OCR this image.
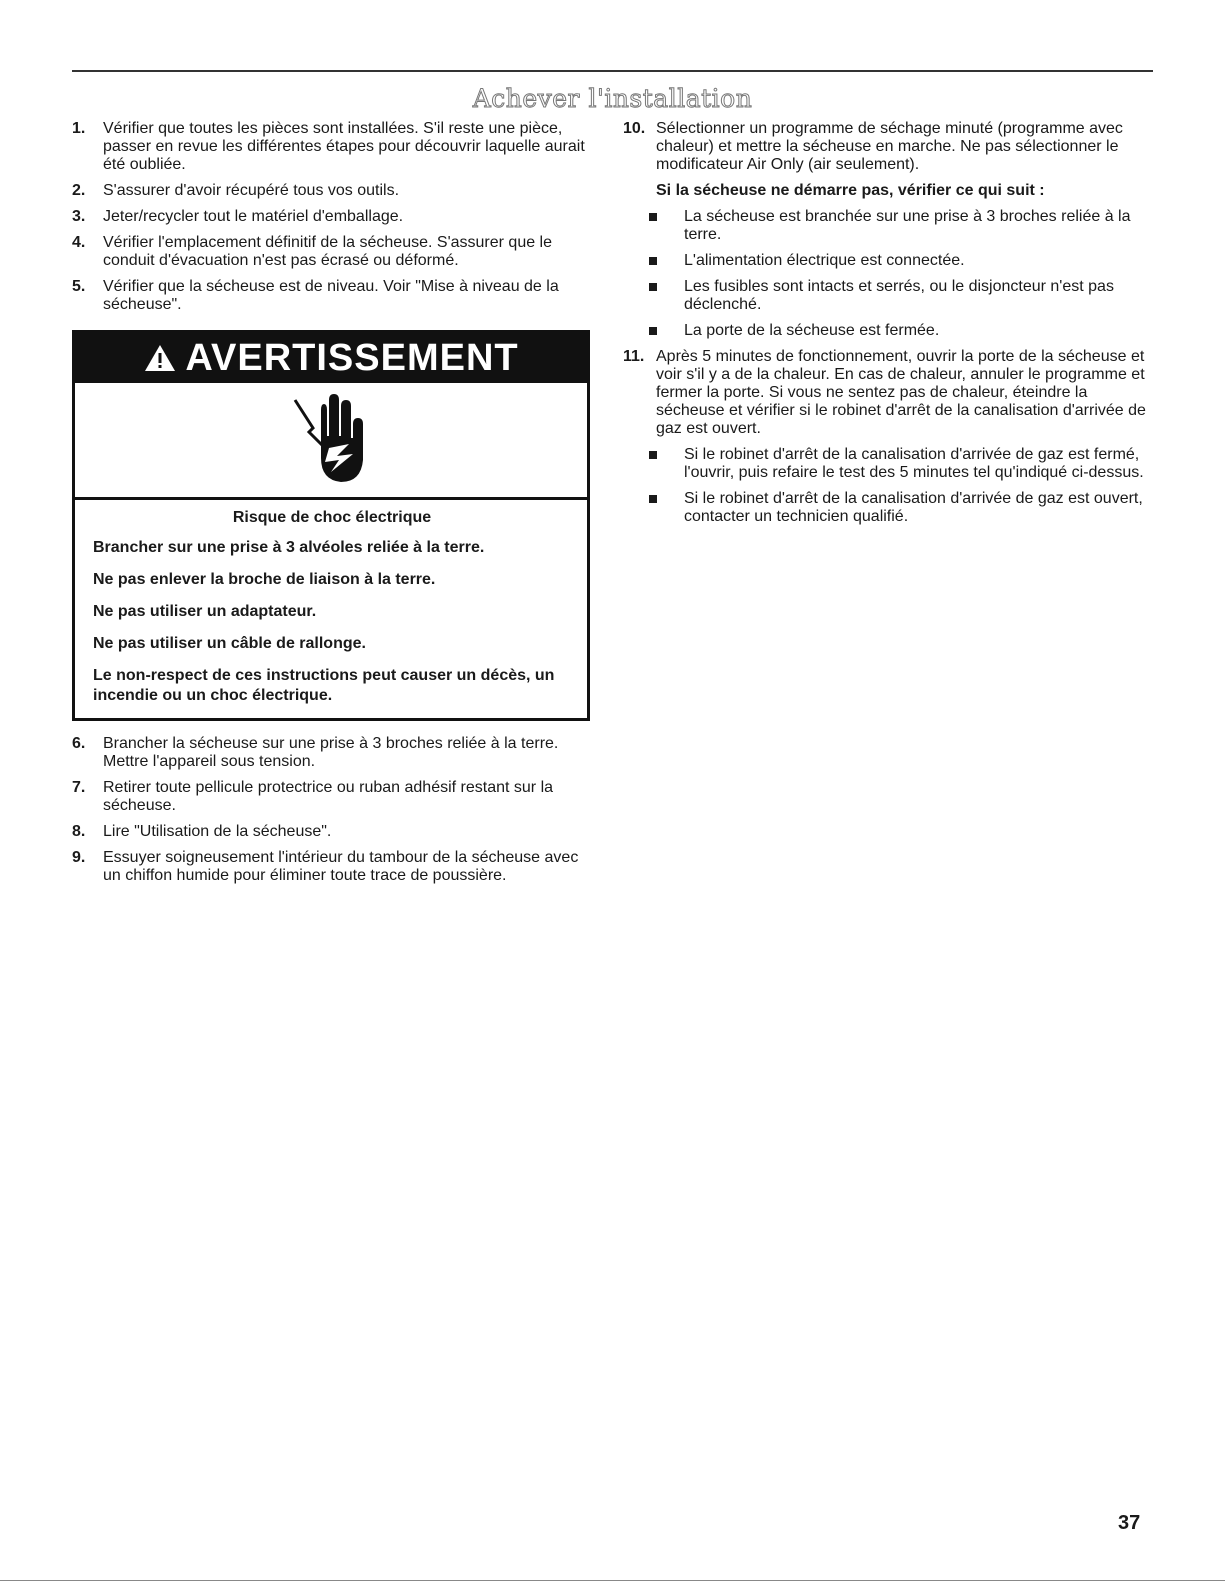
Achever l'installation
1. Vérifier que toutes les pièces sont installées. S'il reste une pièce, passer en revue les différentes étapes pour découvrir laquelle aurait été oubliée.
2. S'assurer d'avoir récupéré tous vos outils.
3. Jeter/recycler tout le matériel d'emballage.
4. Vérifier l'emplacement définitif de la sécheuse. S'assurer que le conduit d'évacuation n'est pas écrasé ou déformé.
5. Vérifier que la sécheuse est de niveau. Voir "Mise à niveau de la sécheuse".
AVERTISSEMENT
Risque de choc électrique

Brancher sur une prise à 3 alvéoles reliée à la terre.

Ne pas enlever la broche de liaison à la terre.

Ne pas utiliser un adaptateur.

Ne pas utiliser un câble de rallonge.

Le non-respect de ces instructions peut causer un décès, un incendie ou un choc électrique.

6. Brancher la sécheuse sur une prise à 3 broches reliée à la terre. Mettre l'appareil sous tension.
7. Retirer toute pellicule protectrice ou ruban adhésif restant sur la sécheuse.
8. Lire "Utilisation de la sécheuse".
9. Essuyer soigneusement l'intérieur du tambour de la sécheuse avec un chiffon humide pour éliminer toute trace de poussière.
10. Sélectionner un programme de séchage minuté (programme avec chaleur) et mettre la sécheuse en marche. Ne pas sélectionner le modificateur Air Only (air seulement).
Si la sécheuse ne démarre pas, vérifier ce qui suit :
La sécheuse est branchée sur une prise à 3 broches reliée à la terre.
L'alimentation électrique est connectée.
Les fusibles sont intacts et serrés, ou le disjoncteur n'est pas déclenché.
La porte de la sécheuse est fermée.
11. Après 5 minutes de fonctionnement, ouvrir la porte de la sécheuse et voir s'il y a de la chaleur. En cas de chaleur, annuler le programme et fermer la porte. Si vous ne sentez pas de chaleur, éteindre la sécheuse et vérifier si le robinet d'arrêt de la canalisation d'arrivée de gaz est ouvert.
Si le robinet d'arrêt de la canalisation d'arrivée de gaz est fermé, l'ouvrir, puis refaire le test des 5 minutes tel qu'indiqué ci-dessus.
Si le robinet d'arrêt de la canalisation d'arrivée de gaz est ouvert, contacter un technicien qualifié.
37
